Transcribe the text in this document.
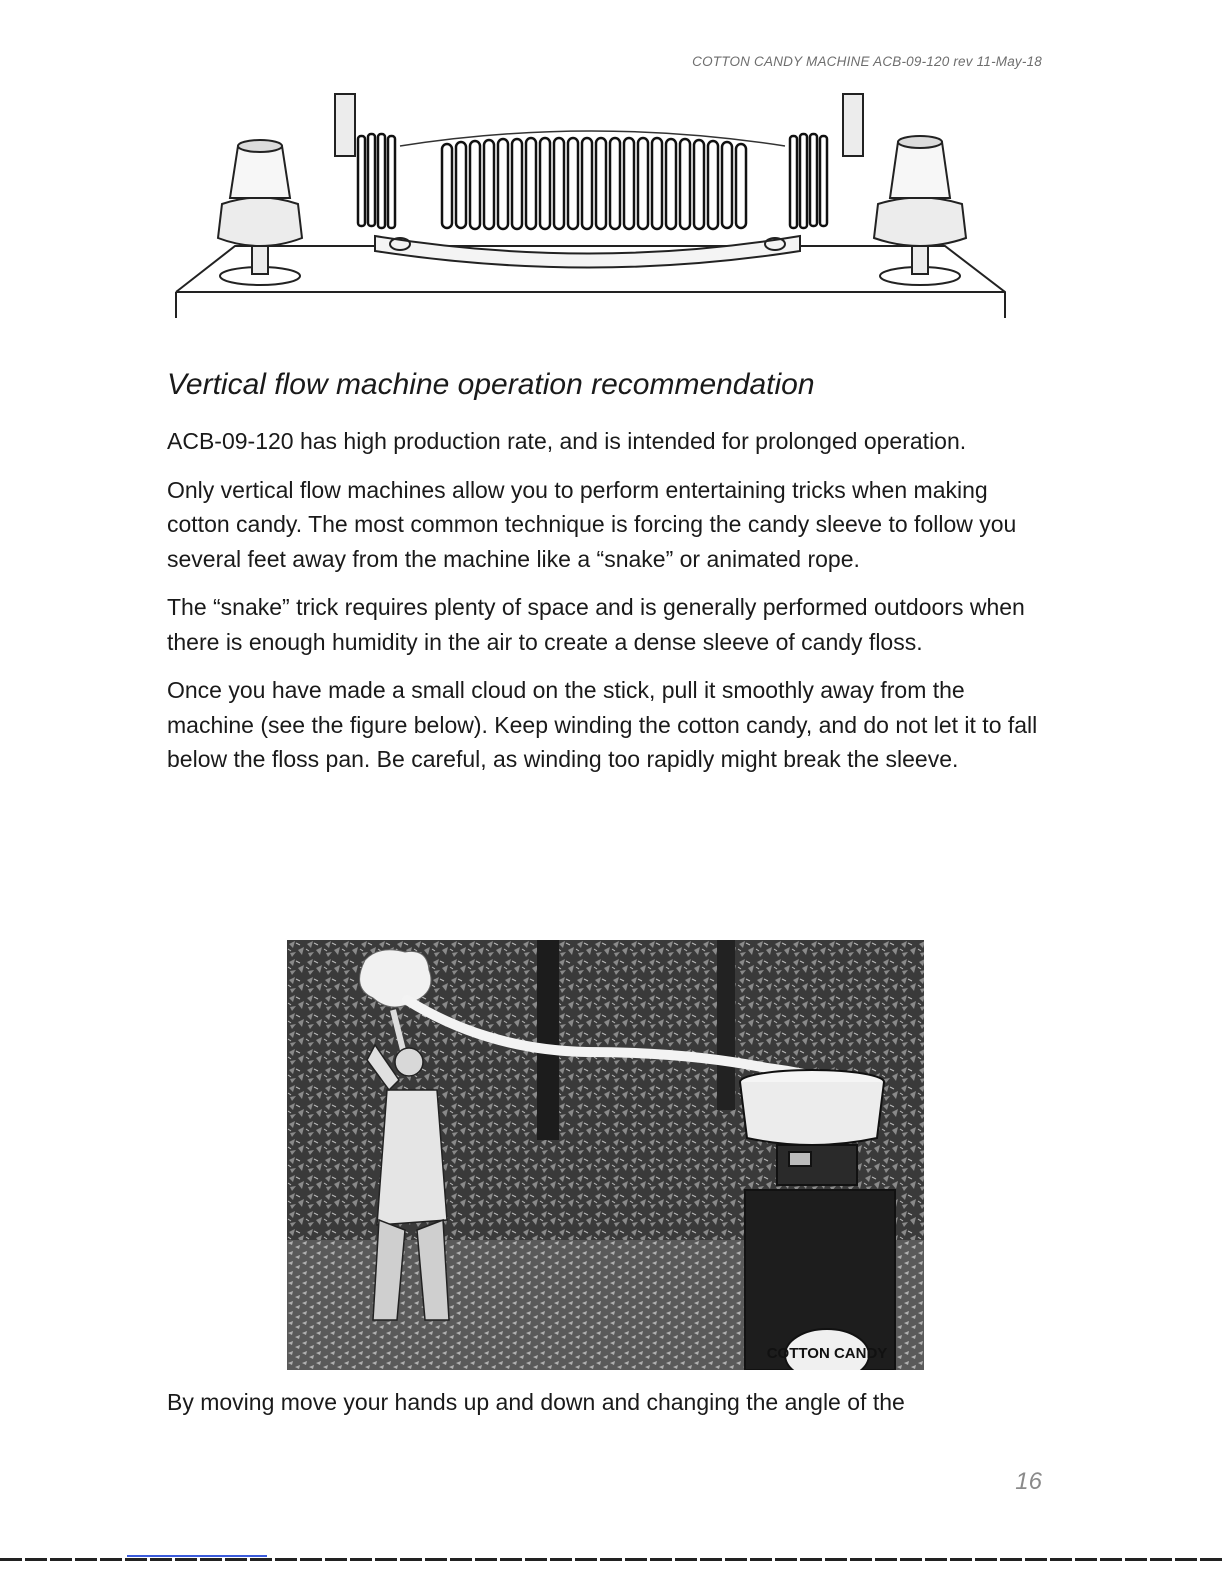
COTTON CANDY MACHINE ACB-09-120 rev 11-May-18
Vertical flow machine operation recommendation

ACB-09-120 has high production rate, and is intended for prolonged operation.

Only vertical flow machines allow you to perform entertaining tricks when making cotton candy. The most common technique is forcing the candy sleeve to follow you several feet away from the machine like a “snake” or animated rope.

The “snake” trick requires plenty of space and is generally performed outdoors when there is enough humidity in the air to create a dense sleeve of candy floss.

Once you have made a small cloud on the stick, pull it smoothly away from the machine (see the figure below). Keep winding the cotton candy, and do not let it to fall below the floss pan. Be careful, as winding too rapidly might break the sleeve.

COTTON CANDY

By moving move your hands up and down and changing the angle of the

16
